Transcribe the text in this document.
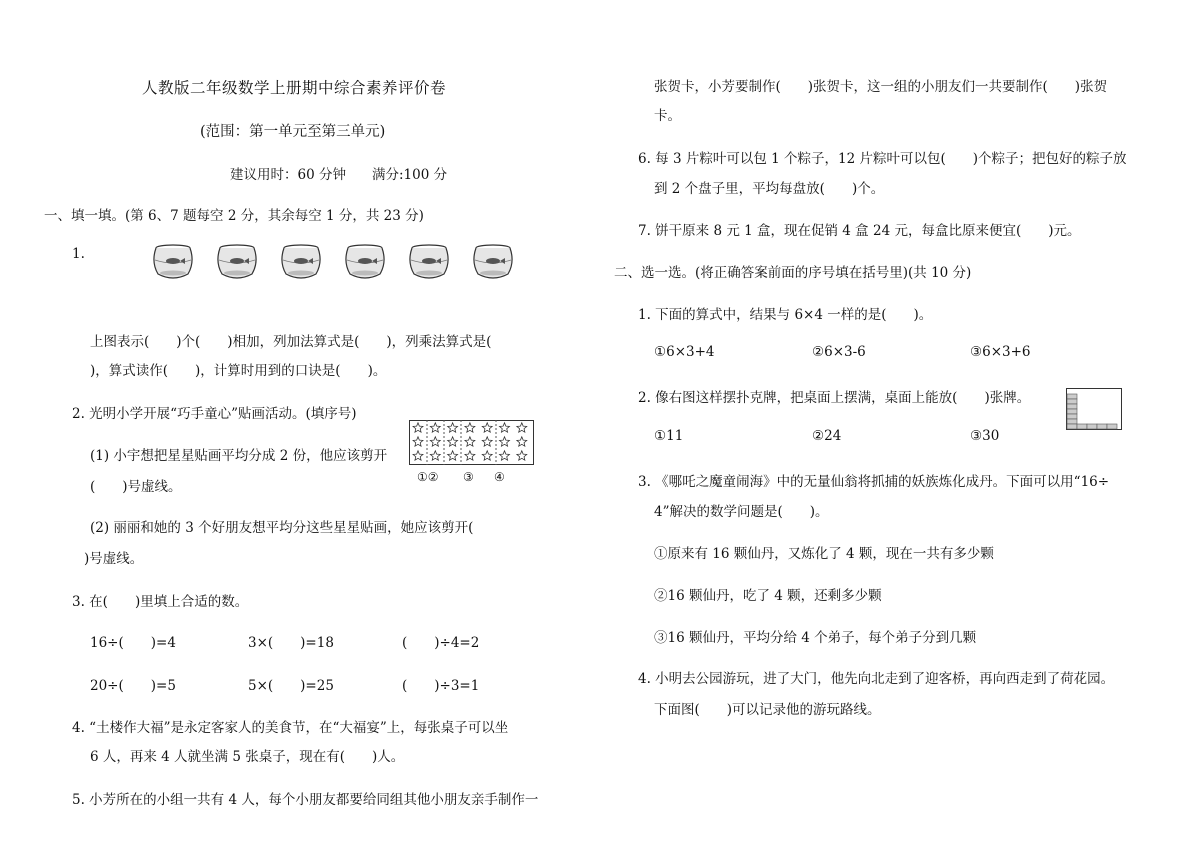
人教版二年级数学上册期中综合素养评价卷
(范围：第一单元至第三单元)
建议用时：60 分钟 满分:100 分
一、填一填。(第 6、7 题每空 2 分，其余每空 1 分，共 23 分)
1.
上图表示(　　)个(　　)相加，列加法算式是(　　)，列乘法算式是(
)，算式读作(　　)，计算时用到的口诀是(　　)。
2. 光明小学开展“巧手童心”贴画活动。(填序号)
(1) 小宇想把星星贴画平均分成 2 份，他应该剪开
(　　)号虚线。
①② ③ ④
(2) 丽丽和她的 3 个好朋友想平均分这些星星贴画，她应该剪开(
)号虚线。
3. 在(　　)里填上合适的数。
16÷(　　)=4	3×(　　)=18	(　　)÷4=2
20÷(　　)=5	5×(　　)=25	(　　)÷3=1
4. “土楼作大福”是永定客家人的美食节，在“大福宴”上，每张桌子可以坐
6 人，再来 4 人就坐满 5 张桌子，现在有(　　)人。
5. 小芳所在的小组一共有 4 人，每个小朋友都要给同组其他小朋友亲手制作一
张贺卡，小芳要制作(　　)张贺卡，这一组的小朋友们一共要制作(　　)张贺
卡。
6. 每 3 片粽叶可以包 1 个粽子，12 片粽叶可以包(　　)个粽子；把包好的粽子放
到 2 个盘子里，平均每盘放(　　)个。
7. 饼干原来 8 元 1 盒，现在促销 4 盒 24 元，每盒比原来便宜(　　)元。
二、选一选。(将正确答案前面的序号填在括号里)(共 10 分)
1. 下面的算式中，结果与 6×4 一样的是(　　)。
①6×3+4	②6×3-6	③6×3+6
2. 像右图这样摆扑克牌，把桌面上摆满，桌面上能放(　　)张牌。
①11	②24	③30
3. 《哪吒之魔童闹海》中的无量仙翁将抓捕的妖族炼化成丹。下面可以用“16÷
4”解决的数学问题是(　　)。
①原来有 16 颗仙丹，又炼化了 4 颗，现在一共有多少颗
②16 颗仙丹，吃了 4 颗，还剩多少颗
③16 颗仙丹，平均分给 4 个弟子，每个弟子分到几颗
4. 小明去公园游玩，进了大门，他先向北走到了迎客桥，再向西走到了荷花园。
下面图(　　)可以记录他的游玩路线。
